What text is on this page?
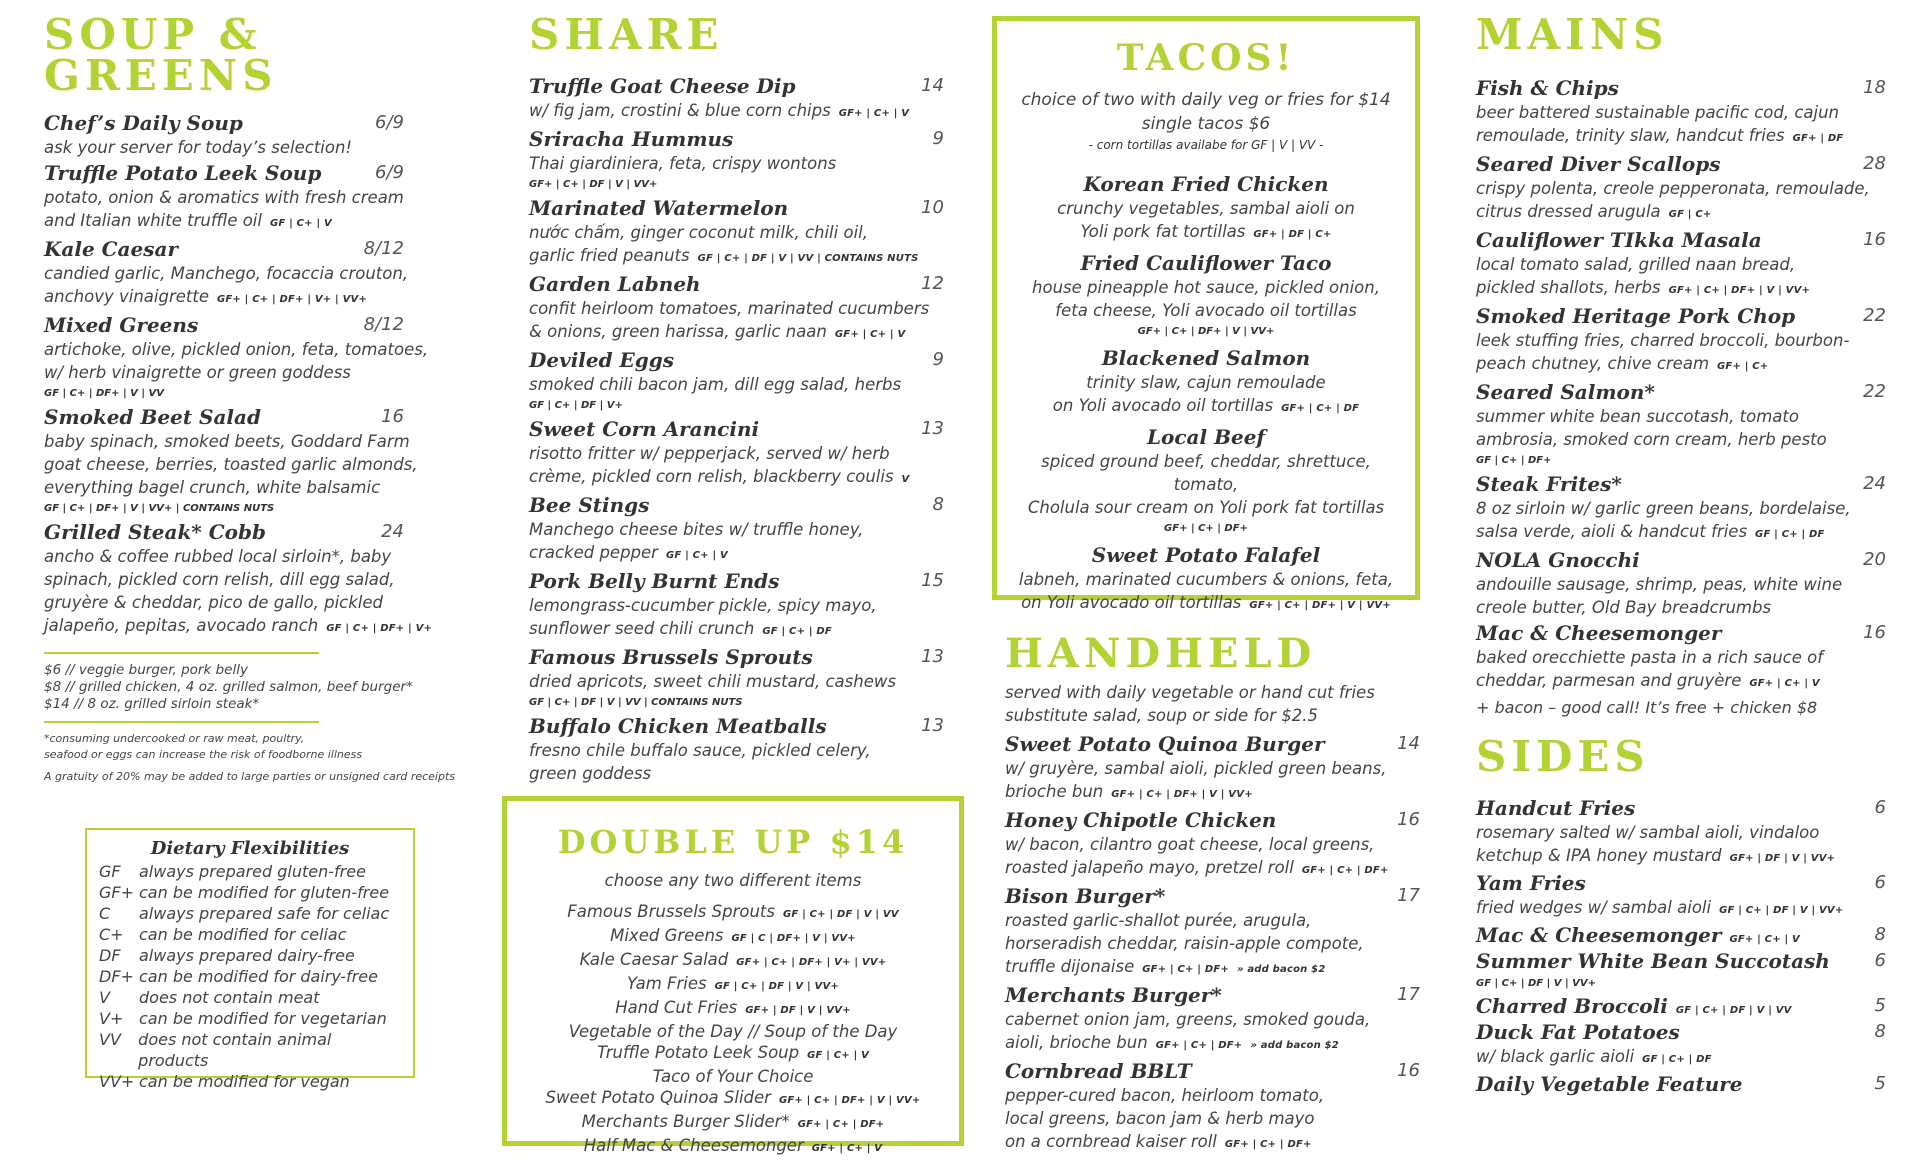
SOUP &
GREENS
Chef’s Daily Soup	6/9
ask your server for today’s selection!
Truffle Potato Leek Soup	6/9
potato, onion & aromatics with fresh cream
and Italian white truffle oil GF | C+ | V
Kale Caesar	8/12
candied garlic, Manchego, focaccia crouton,
anchovy vinaigrette GF+ | C+ | DF+ | V+ | VV+
Mixed Greens	8/12
artichoke, olive, pickled onion, feta, tomatoes,
w/ herb vinaigrette or green goddess
GF | C+ | DF+ | V | VV
Smoked Beet Salad	16
baby spinach, smoked beets, Goddard Farm
goat cheese, berries, toasted garlic almonds,
everything bagel crunch, white balsamic
GF | C+ | DF+ | V | VV+ | CONTAINS NUTS
Grilled Steak* Cobb	24
ancho & coffee rubbed local sirloin*, baby
spinach, pickled corn relish, dill egg salad,
gruyère & cheddar, pico de gallo, pickled
jalapeño, pepitas, avocado ranch GF | C+ | DF+ | V+
$6 // veggie burger, pork belly
$8 // grilled chicken, 4 oz. grilled salmon, beef burger*
$14 // 8 oz. grilled sirloin steak*
*consuming undercooked or raw meat, poultry,
seafood or eggs can increase the risk of foodborne illness
A gratuity of 20% may be added to large parties or unsigned card receipts
Dietary Flexibilities
GF	always prepared gluten-free
GF+ can be modified for gluten-free
C	always prepared safe for celiac
C+ can be modified for celiac
DF	always prepared dairy-free
DF+ can be modified for dairy-free
V	does not contain meat
V+ can be modified for vegetarian
VV	does not contain animal products
VV+ can be modified for vegan
SHARE
Truffle Goat Cheese Dip	14
w/ fig jam, crostini & blue corn chips GF+ | C+ | V
Sriracha Hummus	9
Thai giardiniera, feta, crispy wontons
GF+ | C+ | DF | V | VV+
Marinated Watermelon	10
nước chấm, ginger coconut milk, chili oil,
garlic fried peanuts GF | C+ | DF | V | VV | CONTAINS NUTS
Garden Labneh	12
confit heirloom tomatoes, marinated cucumbers
& onions, green harissa, garlic naan GF+ | C+ | V
Deviled Eggs	9
smoked chili bacon jam, dill egg salad, herbs
GF | C+ | DF | V+
Sweet Corn Arancini	13
risotto fritter w/ pepperjack, served w/ herb
crème, pickled corn relish, blackberry coulis V
Bee Stings	8
Manchego cheese bites w/ truffle honey,
cracked pepper GF | C+ | V
Pork Belly Burnt Ends	15
lemongrass-cucumber pickle, spicy mayo,
sunflower seed chili crunch GF | C+ | DF
Famous Brussels Sprouts	13
dried apricots, sweet chili mustard, cashews
GF | C+ | DF | V | VV | CONTAINS NUTS
Buffalo Chicken Meatballs	13
fresno chile buffalo sauce, pickled celery,
green goddess
DOUBLE UP $14
choose any two different items
Famous Brussels Sprouts GF | C+ | DF | V | VV
Mixed Greens GF | C | DF+ | V | VV+
Kale Caesar Salad GF+ | C+ | DF+ | V+ | VV+
Yam Fries GF | C+ | DF | V | VV+
Hand Cut Fries GF+ | DF | V | VV+
Vegetable of the Day // Soup of the Day
Truffle Potato Leek Soup GF | C+ | V
Taco of Your Choice
Sweet Potato Quinoa Slider GF+ | C+ | DF+ | V | VV+
Merchants Burger Slider* GF+ | C+ | DF+
Half Mac & Cheesemonger GF+ | C+ | V
TACOS!
choice of two with daily veg or fries for $14
single tacos $6
- corn tortillas availabe for GF | V | VV -
Korean Fried Chicken
crunchy vegetables, sambal aioli on
Yoli pork fat tortillas GF+ | DF | C+
Fried Cauliflower Taco
house pineapple hot sauce, pickled onion,
feta cheese, Yoli avocado oil tortillas
GF+ | C+ | DF+ | V | VV+
Blackened Salmon
trinity slaw, cajun remoulade
on Yoli avocado oil tortillas GF+ | C+ | DF
Local Beef
spiced ground beef, cheddar, shrettuce, tomato,
Cholula sour cream on Yoli pork fat tortillas
GF+ | C+ | DF+
Sweet Potato Falafel
labneh, marinated cucumbers & onions, feta,
on Yoli avocado oil tortillas GF+ | C+ | DF+ | V | VV+
HANDHELD
served with daily vegetable or hand cut fries
substitute salad, soup or side for $2.5
Sweet Potato Quinoa Burger	14
w/ gruyère, sambal aioli, pickled green beans,
brioche bun GF+ | C+ | DF+ | V | VV+
Honey Chipotle Chicken	16
w/ bacon, cilantro goat cheese, local greens,
roasted jalapeño mayo, pretzel roll GF+ | C+ | DF+
Bison Burger*	17
roasted garlic-shallot purée, arugula,
horseradish cheddar, raisin-apple compote,
truffle dijonaise GF+ | C+ | DF+ » add bacon $2
Merchants Burger*	17
cabernet onion jam, greens, smoked gouda,
aioli, brioche bun GF+ | C+ | DF+ » add bacon $2
Cornbread BBLT	16
pepper-cured bacon, heirloom tomato,
local greens, bacon jam & herb mayo
on a cornbread kaiser roll GF+ | C+ | DF+
MAINS
Fish & Chips	18
beer battered sustainable pacific cod, cajun
remoulade, trinity slaw, handcut fries GF+ | DF
Seared Diver Scallops	28
crispy polenta, creole pepperonata, remoulade,
citrus dressed arugula GF | C+
Cauliflower TIkka Masala	16
local tomato salad, grilled naan bread,
pickled shallots, herbs GF+ | C+ | DF+ | V | VV+
Smoked Heritage Pork Chop	22
leek stuffing fries, charred broccoli, bourbon-
peach chutney, chive cream GF+ | C+
Seared Salmon*	22
summer white bean succotash, tomato
ambrosia, smoked corn cream, herb pesto
GF | C+ | DF+
Steak Frites*	24
8 oz sirloin w/ garlic green beans, bordelaise,
salsa verde, aioli & handcut fries GF | C+ | DF
NOLA Gnocchi	20
andouille sausage, shrimp, peas, white wine
creole butter, Old Bay breadcrumbs
Mac & Cheesemonger	16
baked orecchiette pasta in a rich sauce of
cheddar, parmesan and gruyère GF+ | C+ | V
+ bacon – good call! It’s free + chicken $8
SIDES
Handcut Fries	6
rosemary salted w/ sambal aioli, vindaloo
ketchup & IPA honey mustard GF+ | DF | V | VV+
Yam Fries	6
fried wedges w/ sambal aioli GF | C+ | DF | V | VV+
Mac & Cheesemonger GF+ | C+ | V	8
Summer White Bean Succotash 6
GF | C+ | DF | V | VV+
Charred Broccoli GF | C+ | DF | V | VV	5
Duck Fat Potatoes	8
w/ black garlic aioli GF | C+ | DF
Daily Vegetable Feature	5
